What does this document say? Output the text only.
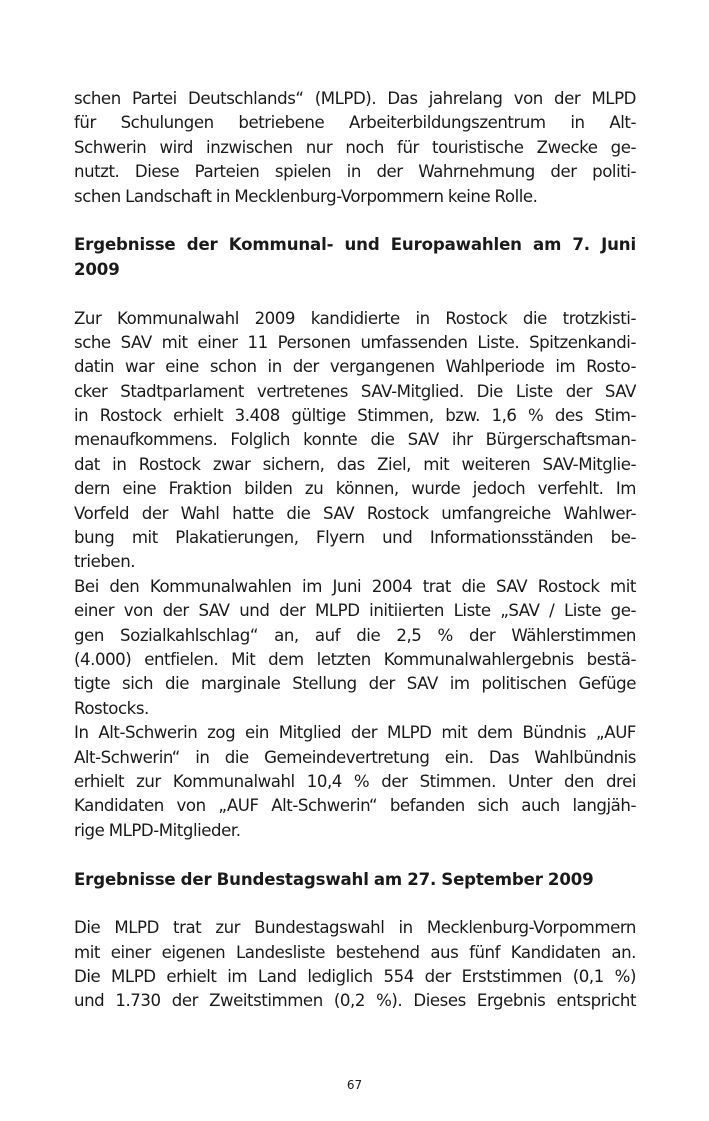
schen Partei Deutschlands“ (MLPD). Das jahrelang von der MLPD
für Schulungen betriebene Arbeiterbildungszentrum in Alt-
Schwerin wird inzwischen nur noch für touristische Zwecke ge-
nutzt. Diese Parteien spielen in der Wahrnehmung der politi-
schen Landschaft in Mecklenburg-Vorpommern keine Rolle.
Ergebnisse der Kommunal- und Europawahlen am 7. Juni
2009
Zur Kommunalwahl 2009 kandidierte in Rostock die trotzkisti-
sche SAV mit einer 11 Personen umfassenden Liste. Spitzenkandi-
datin war eine schon in der vergangenen Wahlperiode im Rosto-
cker Stadtparlament vertretenes SAV-Mitglied. Die Liste der SAV
in Rostock erhielt 3.408 gültige Stimmen, bzw. 1,6 % des Stim-
menaufkommens. Folglich konnte die SAV ihr Bürgerschaftsman-
dat in Rostock zwar sichern, das Ziel, mit weiteren SAV-Mitglie-
dern eine Fraktion bilden zu können, wurde jedoch verfehlt. Im
Vorfeld der Wahl hatte die SAV Rostock umfangreiche Wahlwer-
bung mit Plakatierungen, Flyern und Informationsständen be-
trieben.
Bei den Kommunalwahlen im Juni 2004 trat die SAV Rostock mit
einer von der SAV und der MLPD initiierten Liste „SAV / Liste ge-
gen Sozialkahlschlag“ an, auf die 2,5 % der Wählerstimmen
(4.000) entfielen. Mit dem letzten Kommunalwahlergebnis bestä-
tigte sich die marginale Stellung der SAV im politischen Gefüge
Rostocks.
In Alt-Schwerin zog ein Mitglied der MLPD mit dem Bündnis „AUF
Alt-Schwerin“ in die Gemeindevertretung ein. Das Wahlbündnis
erhielt zur Kommunalwahl 10,4 % der Stimmen. Unter den drei
Kandidaten von „AUF Alt-Schwerin“ befanden sich auch langjäh-
rige MLPD-Mitglieder.
Ergebnisse der Bundestagswahl am 27. September 2009
Die MLPD trat zur Bundestagswahl in Mecklenburg-Vorpommern
mit einer eigenen Landesliste bestehend aus fünf Kandidaten an.
Die MLPD erhielt im Land lediglich 554 der Erststimmen (0,1 %)
und 1.730 der Zweitstimmen (0,2 %). Dieses Ergebnis entspricht
67
